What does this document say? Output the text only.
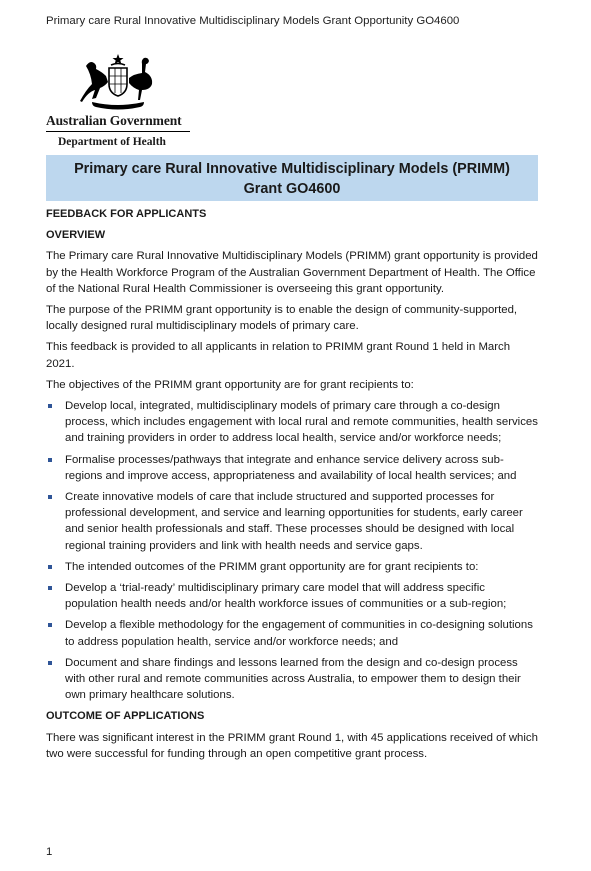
Primary care Rural Innovative Multidisciplinary Models Grant Opportunity GO4600
Australian Government
Department of Health
Primary care Rural Innovative Multidisciplinary Models (PRIMM)
Grant GO4600
FEEDBACK FOR APPLICANTS
OVERVIEW

The Primary care Rural Innovative Multidisciplinary Models (PRIMM) grant opportunity is provided by the Health Workforce Program of the Australian Government Department of Health. The Office of the National Rural Health Commissioner is overseeing this grant opportunity.

The purpose of the PRIMM grant opportunity is to enable the design of community-supported, locally designed rural multidisciplinary models of primary care.

This feedback is provided to all applicants in relation to PRIMM grant Round 1 held in March 2021.

The objectives of the PRIMM grant opportunity are for grant recipients to:

Develop local, integrated, multidisciplinary models of primary care through a co-design process, which includes engagement with local rural and remote communities, health services and training providers in order to address local health, service and/or workforce needs;
Formalise processes/pathways that integrate and enhance service delivery across sub-regions and improve access, appropriateness and availability of local health services; and
Create innovative models of care that include structured and supported processes for professional development, and service and learning opportunities for students, early career and senior health professionals and staff. These processes should be designed with local regional training providers and link with health needs and service gaps.
The intended outcomes of the PRIMM grant opportunity are for grant recipients to:
Develop a ‘trial-ready’ multidisciplinary primary care model that will address specific population health needs and/or health workforce issues of communities or a sub-region;
Develop a flexible methodology for the engagement of communities in co-designing solutions to address population health, service and/or workforce needs; and
Document and share findings and lessons learned from the design and co-design process with other rural and remote communities across Australia, to empower them to design their own primary healthcare solutions.
OUTCOME OF APPLICATIONS

There was significant interest in the PRIMM grant Round 1, with 45 applications received of which two were successful for funding through an open competitive grant process.

1
